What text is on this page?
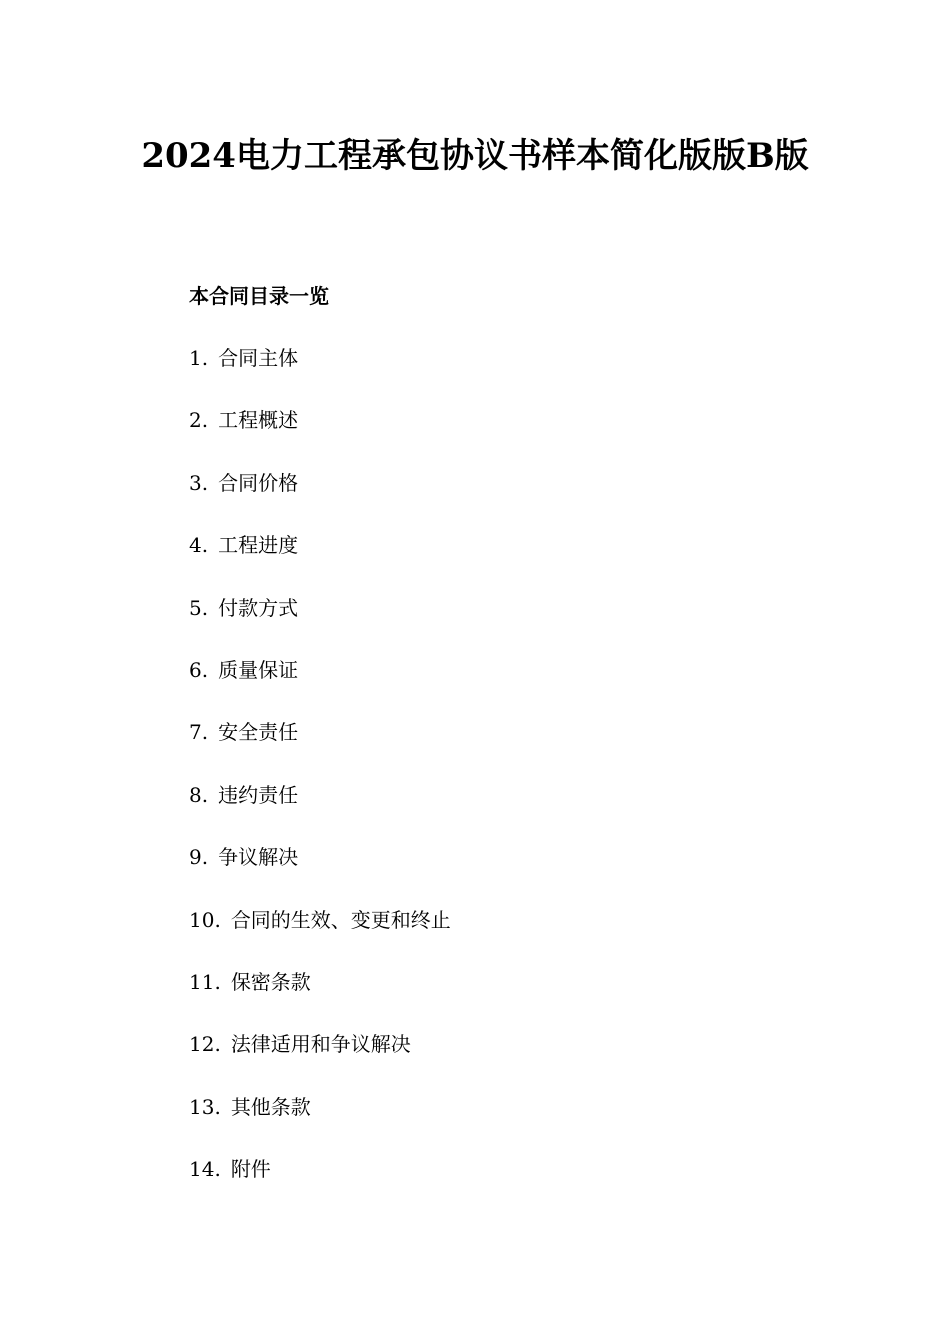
2024电力工程承包协议书样本简化版版B版
本合同目录一览
1. 合同主体
2. 工程概述
3. 合同价格
4. 工程进度
5. 付款方式
6. 质量保证
7. 安全责任
8. 违约责任
9. 争议解决
10. 合同的生效、变更和终止
11. 保密条款
12. 法律适用和争议解决
13. 其他条款
14. 附件
